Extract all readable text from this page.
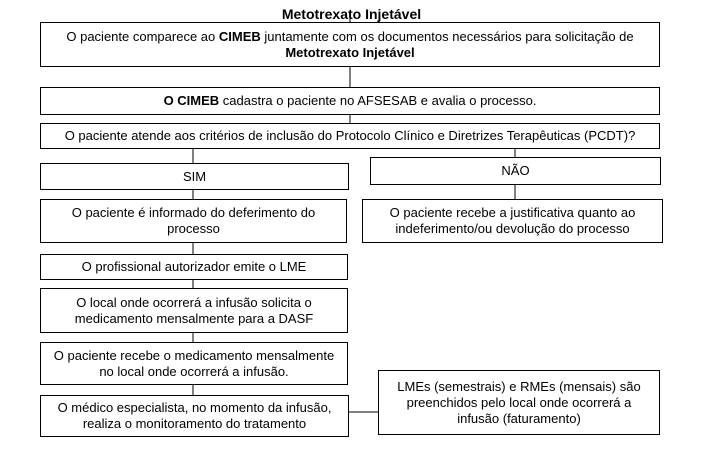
Metotrexato Injetável
O paciente comparece ao CIMEB juntamente com os documentos necessários para solicitação de
Metotrexato Injetável
O CIMEB cadastra o paciente no AFSESAB e avalia o processo.
O paciente atende aos critérios de inclusão do Protocolo Clínico e Diretrizes Terapêuticas (PCDT)?
SIM	NÃO
O paciente é informado do deferimento do processo
O profissional autorizador emite o LME
O local onde ocorrerá a infusão solicita o medicamento mensalmente para a DASF
O paciente recebe o medicamento mensalmente no local onde ocorrerá a infusão.
O médico especialista, no momento da infusão, realiza o monitoramento do tratamento
O paciente recebe a justificativa quanto ao indeferimento/ou devolução do processo
LMEs (semestrais) e RMEs (mensais) são preenchidos pelo local onde ocorrerá a infusão (faturamento)
